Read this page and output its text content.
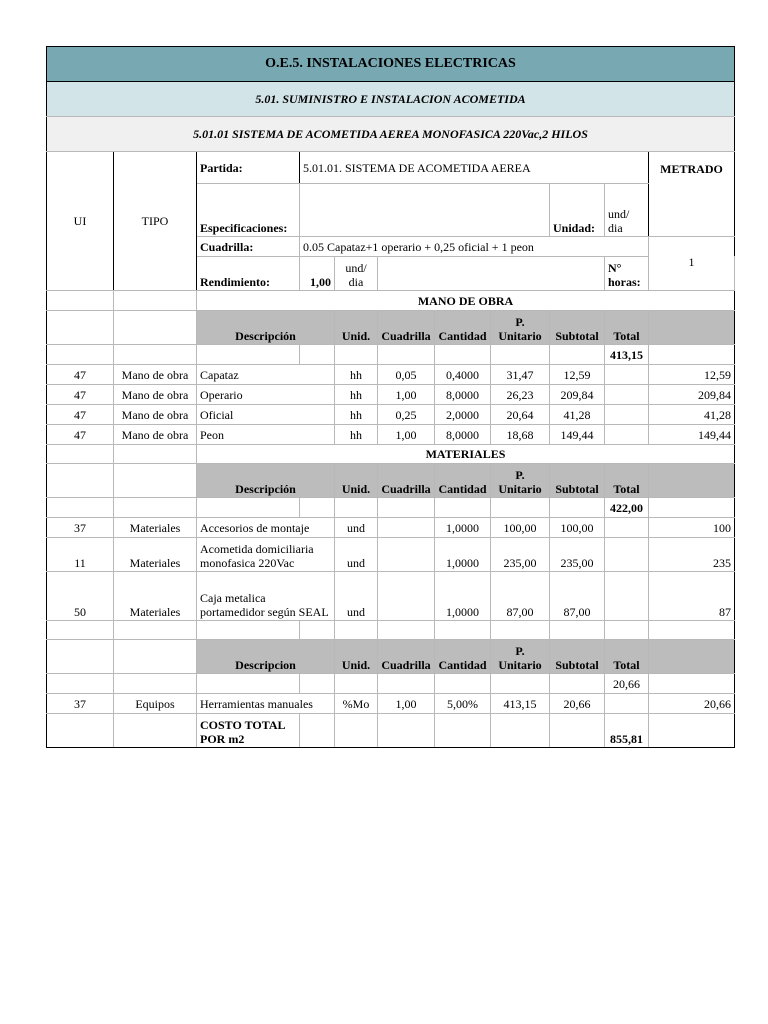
O.E.5. INSTALACIONES ELECTRICAS											
5.01. SUMINISTRO E INSTALACION ACOMETIDA											
5.01.01 SISTEMA DE ACOMETIDA AEREA MONOFASICA 220Vac,2 HILOS											
UI	TIPO	Partida:	5.01.01. SISTEMA DE ACOMETIDA AEREA							METRADO	
		Especificaciones:						Unidad:	und/ dia		
		Cuadrilla:	0.05 Capataz+1 operario + 0,25 oficial + 1 peon							1	
		Rendimiento:	1,00	und/ dia					N° horas:	
		MANO DE OBRA									
		Descripción		Unid.	Cuadrilla	Cantidad	P. Unitario	Subtotal	Total		
									413,15		
47	Mano de obra	Capataz		hh	0,05	0,4000	31,47	12,59		12,59	
47	Mano de obra	Operario		hh	1,00	8,0000	26,23	209,84		209,84	
47	Mano de obra	Oficial		hh	0,25	2,0000	20,64	41,28		41,28	
47	Mano de obra	Peon		hh	1,00	8,0000	18,68	149,44		149,44	
		MATERIALES									
		Descripción		Unid.	Cuadrilla	Cantidad	P. Unitario	Subtotal	Total		
									422,00		
37	Materiales	Accesorios de montaje		und		1,0000	100,00	100,00		100	
11	Materiales	Acometida domiciliaria monofasica 220Vac		und		1,0000	235,00	235,00		235	
50	Materiales	Caja metalica portamedidor según SEAL		und		1,0000	87,00	87,00		87	

		Descripcion		Unid.	Cuadrilla	Cantidad	P. Unitario	Subtotal	Total		
									20,66		
37	Equipos	Herramientas manuales		%Mo	1,00	5,00%	413,15	20,66		20,66	
		COSTO TOTAL POR m2							855,81		
